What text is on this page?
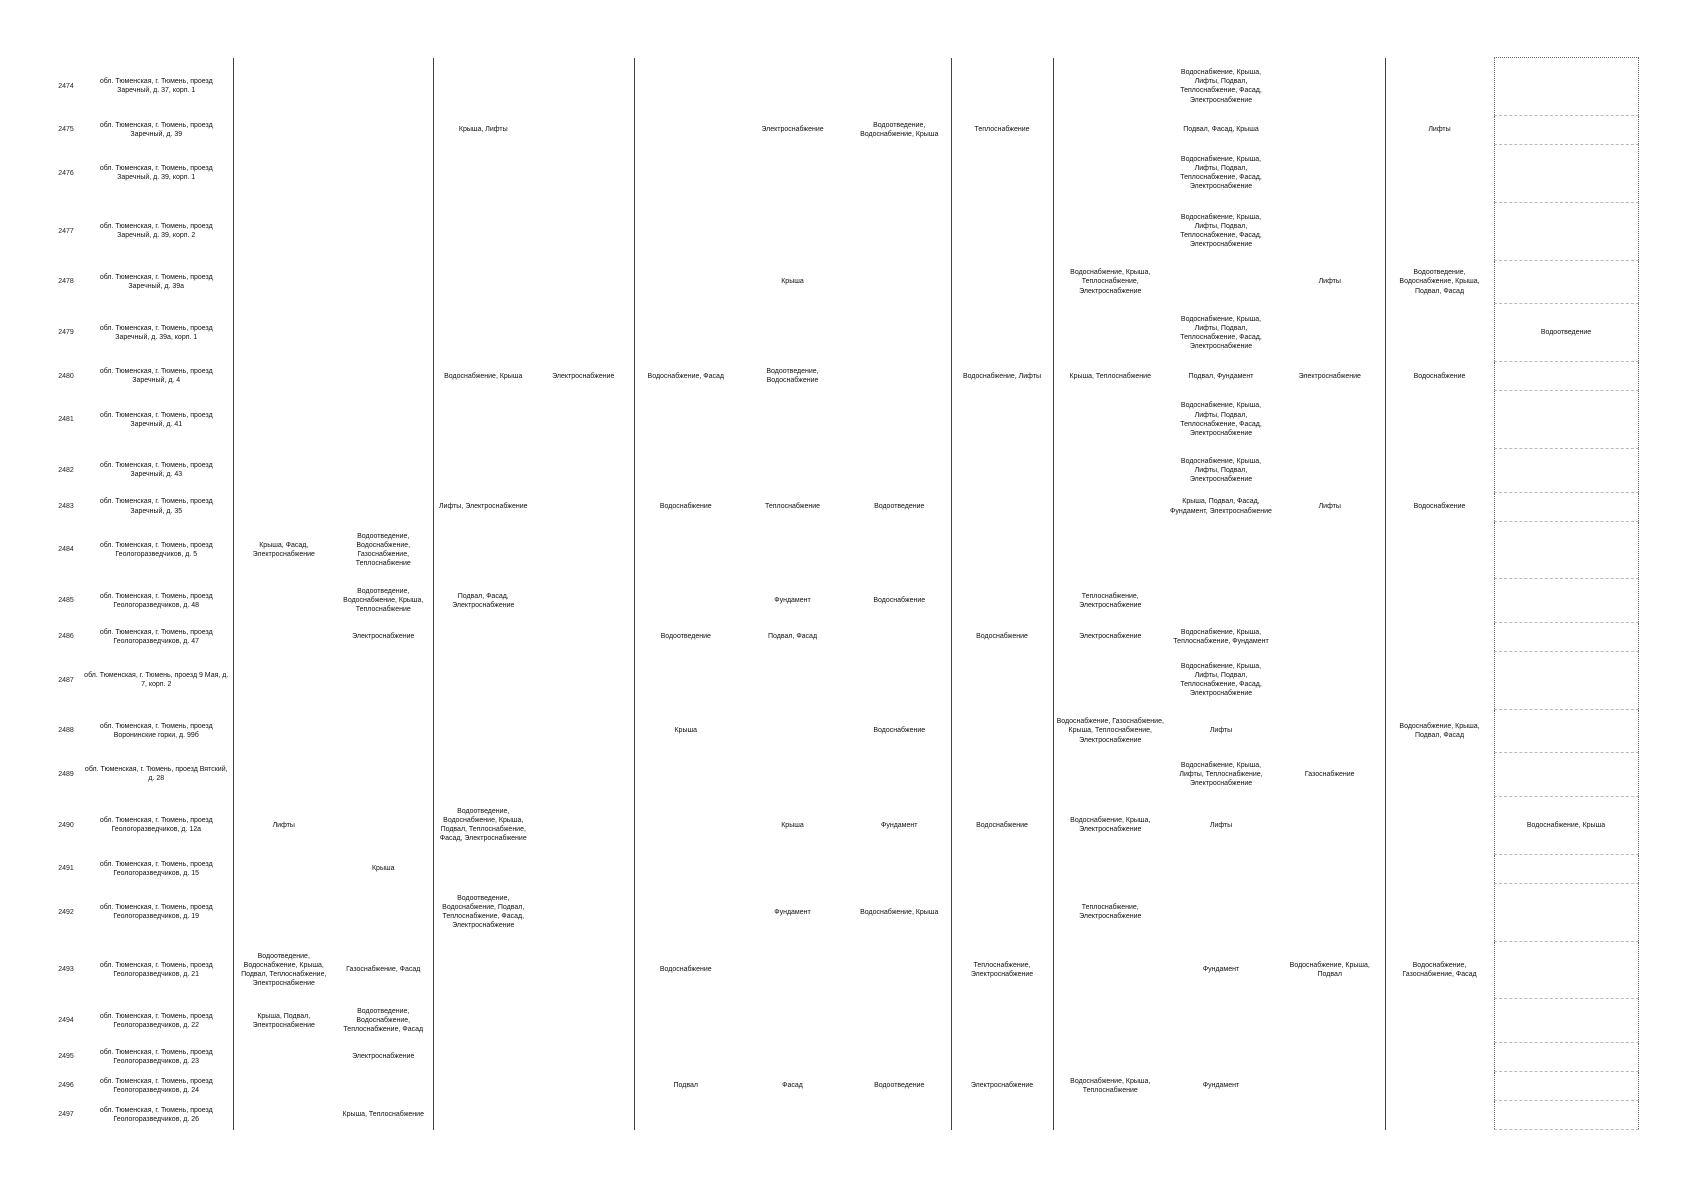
2474	обл. Тюменская, г. Тюмень, проезд Заречный, д. 37, корп. 1										Водоснабжение, Крыша, Лифты, Подвал, Теплоснабжение, Фасад, Электроснабжение			
2475	обл. Тюменская, г. Тюмень, проезд Заречный, д. 39			Крыша, Лифты			Электроснабжение	Водоотведение, Водоснабжение, Крыша	Теплоснабжение		Подвал, Фасад, Крыша		Лифты	
2476	обл. Тюменская, г. Тюмень, проезд Заречный, д. 39, корп. 1										Водоснабжение, Крыша, Лифты, Подвал, Теплоснабжение, Фасад, Электроснабжение			
2477	обл. Тюменская, г. Тюмень, проезд Заречный, д. 39, корп. 2										Водоснабжение, Крыша, Лифты, Подвал, Теплоснабжение, Фасад, Электроснабжение			
2478	обл. Тюменская, г. Тюмень, проезд Заречный, д. 39а						Крыша			Водоснабжение, Крыша, Теплоснабжение, Электроснабжение		Лифты	Водоотведение, Водоснабжение, Крыша, Подвал, Фасад	
2479	обл. Тюменская, г. Тюмень, проезд Заречный, д. 39а, корп. 1										Водоснабжение, Крыша, Лифты, Подвал, Теплоснабжение, Фасад, Электроснабжение			Водоотведение
2480	обл. Тюменская, г. Тюмень, проезд Заречный, д. 4			Водоснабжение, Крыша	Электроснабжение	Водоснабжение, Фасад	Водоотведение, Водоснабжение		Водоснабжение, Лифты	Крыша, Теплоснабжение	Подвал, Фундамент	Электроснабжение	Водоснабжение	
2481	обл. Тюменская, г. Тюмень, проезд Заречный, д. 41										Водоснабжение, Крыша, Лифты, Подвал, Теплоснабжение, Фасад, Электроснабжение			
2482	обл. Тюменская, г. Тюмень, проезд Заречный, д. 43										Водоснабжение, Крыша, Лифты, Подвал, Электроснабжение			
2483	обл. Тюменская, г. Тюмень, проезд Заречный, д. 35			Лифты, Электроснабжение		Водоснабжение	Теплоснабжение	Водоотведение			Крыша, Подвал, Фасад, Фундамент, Электроснабжение	Лифты	Водоснабжение	
2484	обл. Тюменская, г. Тюмень, проезд Геологоразведчиков, д. 5	Крыша, Фасад, Электроснабжение	Водоотведение, Водоснабжение, Газоснабжение, Теплоснабжение											
2485	обл. Тюменская, г. Тюмень, проезд Геологоразведчиков, д. 48		Водоотведение, Водоснабжение, Крыша, Теплоснабжение	Подвал, Фасад, Электроснабжение			Фундамент	Водоснабжение		Теплоснабжение, Электроснабжение				
2486	обл. Тюменская, г. Тюмень, проезд Геологоразведчиков, д. 47		Электроснабжение			Водоотведение	Подвал, Фасад		Водоснабжение	Электроснабжение	Водоснабжение, Крыша, Теплоснабжение, Фундамент			
2487	обл. Тюменская, г. Тюмень, проезд 9 Мая, д. 7, корп. 2										Водоснабжение, Крыша, Лифты, Подвал, Теплоснабжение, Фасад, Электроснабжение			
2488	обл. Тюменская, г. Тюмень, проезд Воронинские горки, д. 99б					Крыша		Водоснабжение		Водоснабжение, Газоснабжение, Крыша, Теплоснабжение, Электроснабжение	Лифты		Водоснабжение, Крыша, Подвал, Фасад	
2489	обл. Тюменская, г. Тюмень, проезд Вятский, д. 28										Водоснабжение, Крыша, Лифты, Теплоснабжение, Электроснабжение	Газоснабжение		
2490	обл. Тюменская, г. Тюмень, проезд Геологоразведчиков, д. 12а	Лифты		Водоотведение, Водоснабжение, Крыша, Подвал, Теплоснабжение, Фасад, Электроснабжение			Крыша	Фундамент	Водоснабжение	Водоснабжение, Крыша, Электроснабжение	Лифты			Водоснабжение, Крыша
2491	обл. Тюменская, г. Тюмень, проезд Геологоразведчиков, д. 15		Крыша											
2492	обл. Тюменская, г. Тюмень, проезд Геологоразведчиков, д. 19			Водоотведение, Водоснабжение, Подвал, Теплоснабжение, Фасад, Электроснабжение			Фундамент	Водоснабжение, Крыша		Теплоснабжение, Электроснабжение				
2493	обл. Тюменская, г. Тюмень, проезд Геологоразведчиков, д. 21	Водоотведение, Водоснабжение, Крыша, Подвал, Теплоснабжение, Электроснабжение	Газоснабжение, Фасад			Водоснабжение			Теплоснабжение, Электроснабжение		Фундамент	Водоснабжение, Крыша, Подвал	Водоснабжение, Газоснабжение, Фасад	
2494	обл. Тюменская, г. Тюмень, проезд Геологоразведчиков, д. 22	Крыша, Подвал, Электроснабжение	Водоотведение, Водоснабжение, Теплоснабжение, Фасад											
2495	обл. Тюменская, г. Тюмень, проезд Геологоразведчиков, д. 23		Электроснабжение											
2496	обл. Тюменская, г. Тюмень, проезд Геологоразведчиков, д. 24					Подвал	Фасад	Водоотведение	Электроснабжение	Водоснабжение, Крыша, Теплоснабжение	Фундамент			
2497	обл. Тюменская, г. Тюмень, проезд Геологоразведчиков, д. 26		Крыша, Теплоснабжение											
